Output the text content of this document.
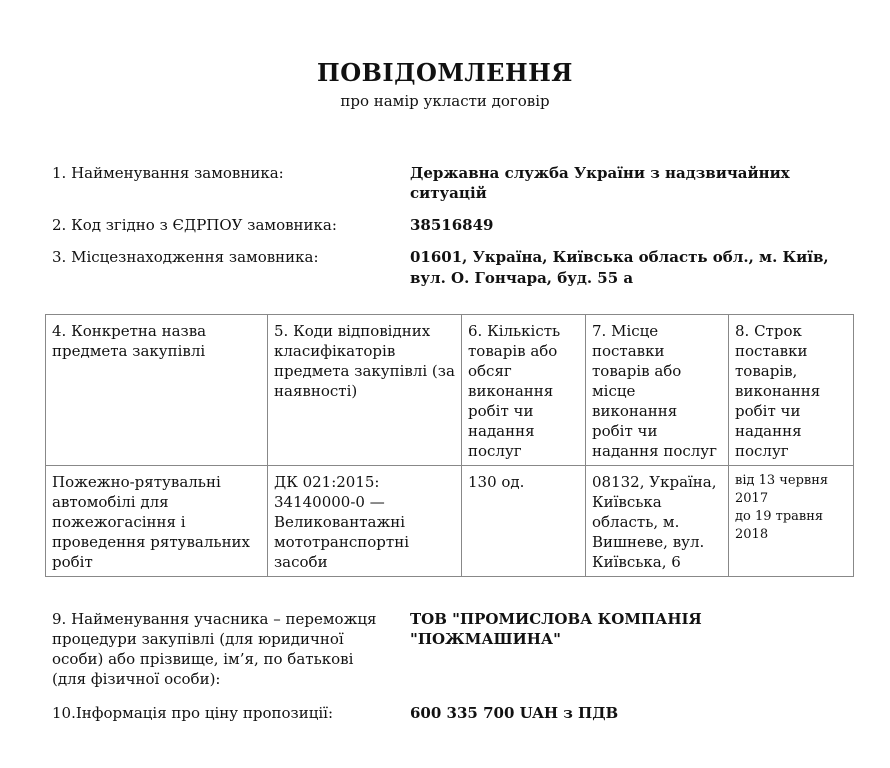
ПОВІДОМЛЕННЯ
про намір укласти договір
1. Найменування замовника:	Державна служба України з надзвичайних ситуацій
2. Код згідно з ЄДРПОУ замовника:	38516849
3. Місцезнаходження замовника:	01601, Україна, Київська область обл., м. Київ, вул. О. Гончара, буд. 55 а
4. Конкретна назва предмета закупівлі	5. Коди відповідних класифікаторів предмета закупівлі (за наявності)	6. Кількість товарів або обсяг виконання робіт чи надання послуг	7. Місце поставки товарів або місце виконання робіт чи надання послуг	8. Строк поставки товарів, виконання робіт чи надання послуг
Пожежно-рятувальні автомобілі для пожежогасіння і проведення рятувальних робіт	ДК 021:2015: 34140000-0 — Великовантажні мототранспортні засоби	130 од.	08132, Україна, Київська область, м. Вишневе, вул. Київська, 6	від 13 червня 2017
до 19 травня 2018
9. Найменування учасника – переможця процедури закупівлі (для юридичної особи) або прізвище, ім’я, по батькові (для фізичної особи):
ТОВ "ПРОМИСЛОВА КОМПАНІЯ "ПОЖМАШИНА"
10.Інформація про ціну пропозиції:	600 335 700 UAH з ПДВ
